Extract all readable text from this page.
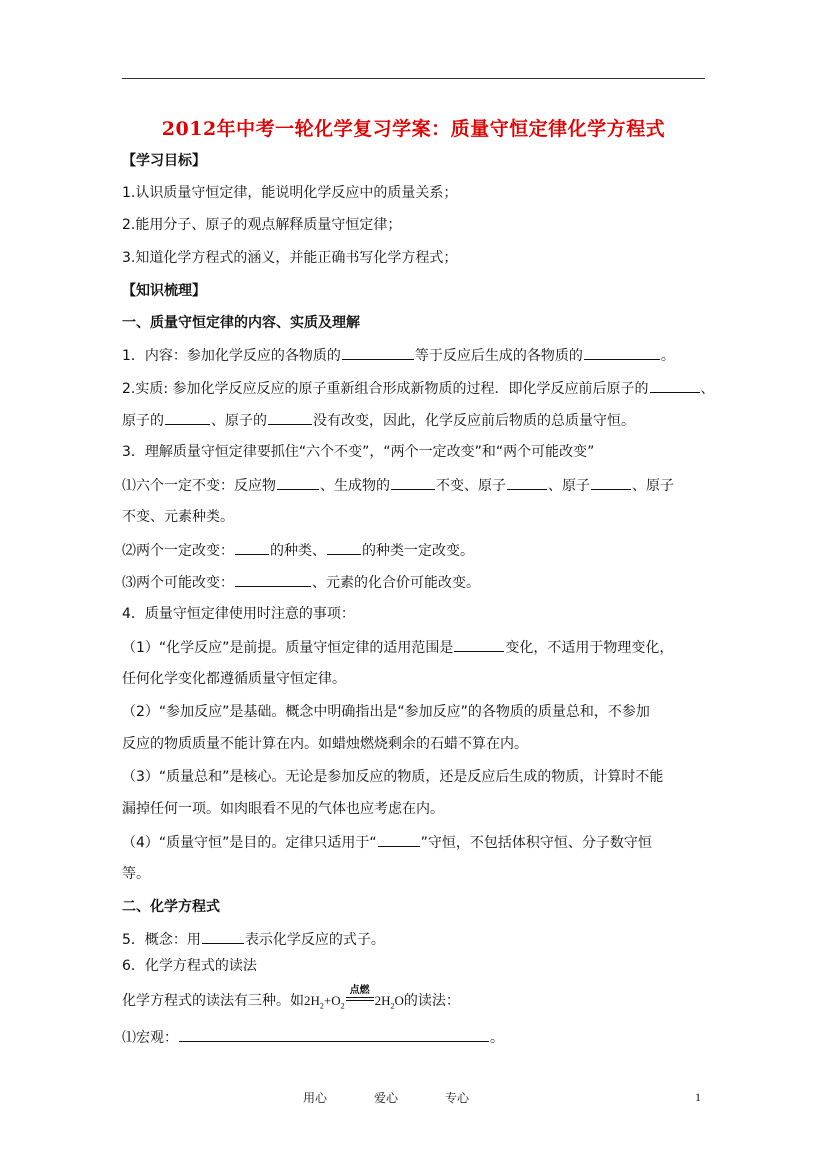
2012年中考一轮化学复习学案：质量守恒定律化学方程式
【学习目标】
1.认识质量守恒定律，能说明化学反应中的质量关系；
2.能用分子、原子的观点解释质量守恒定律；
3.知道化学方程式的涵义，并能正确书写化学方程式；
【知识梳理】
一、质量守恒定律的内容、实质及理解
1．内容：参加化学反应的各物质的	等于反应后生成的各物质的	。
2.实质: 参加化学反应反应的原子重新组合形成新物质的过程．即化学反应前后原子的	、
原子的	、原子的	没有改变，因此，化学反应前后物质的总质量守恒。
3．理解质量守恒定律要抓住“六个不变”，“两个一定改变”和“两个可能改变”
⑴六个一定不变：反应物	、生成物的	不变、原子	、原子	、原子
不变、元素种类。
⑵两个一定改变：	的种类、	的种类一定改变。
⑶两个可能改变：	、元素的化合价可能改变。
4．质量守恒定律使用时注意的事项：
（1）“化学反应”是前提。质量守恒定律的适用范围是	变化，不适用于物理变化，
任何化学变化都遵循质量守恒定律。
（2）“参加反应”是基础。概念中明确指出是“参加反应”的各物质的质量总和，不参加
反应的物质质量不能计算在内。如蜡烛燃烧剩余的石蜡不算在内。
（3）“质量总和”是核心。无论是参加反应的物质，还是反应后生成的物质，计算时不能
漏掉任何一项。如肉眼看不见的气体也应考虑在内。
（4）“质量守恒”是目的。定律只适用于“	”守恒，不包括体积守恒、分子数守恒
等。
二、化学方程式
5．概念：用	表示化学反应的式子。
6．化学方程式的读法
化学方程式的读法有三种。如$2H_2+O_2$
点燃
$2H_2O$的读法：
⑴宏观：	。
用心	爱心	专心	1
